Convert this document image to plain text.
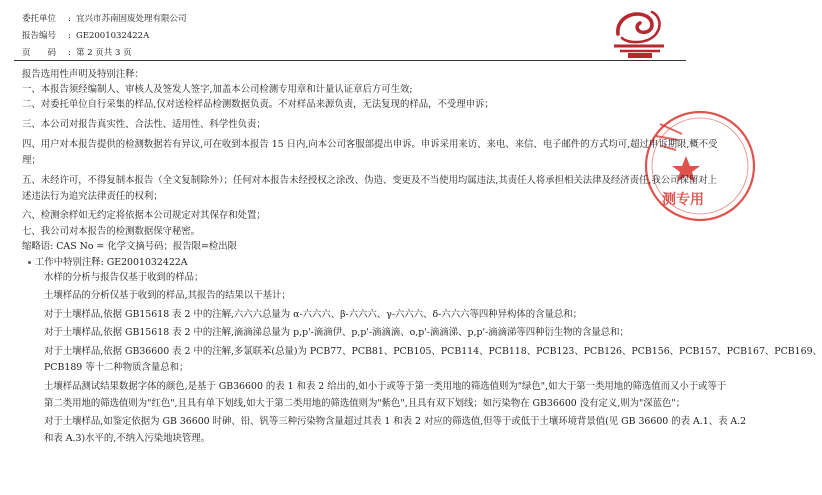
委托单位 : 宜兴市苏南固废处理有限公司
报告编号 : GE2001032422A
页　　码 : 第 2 页共 3 页
测专用
报告选用性声明及特别注释：
一、本报告须经编制人、审核人及签发人签字,加盖本公司检测专用章和计量认证章后方可生效;
二、对委托单位自行采集的样品,仅对送检样品检测数据负责。不对样品来源负责，无法复现的样品，不受理申诉；
三、本公司对报告真实性、合法性、适用性、科学性负责；
四、用户对本报告提供的检测数据若有异议,可在收到本报告 15 日内,向本公司客服部提出申诉。申诉采用来访、来电、来信、电子邮件的方式均可,超过申诉期限,概不受
理；
五、未经许可，不得复制本报告（全文复制除外）；任何对本报告未经授权之涂改、伪造、变更及不当使用均属违法,其责任人将承担相关法律及经济责任,我公司保留对上
述违法行为追究法律责任的权利；
六、检测余样如无约定将依据本公司规定对其保存和处置；
七、我公司对本报告的检测数据保守秘密。
缩略语: CAS No = 化学文摘号码；报告限=检出限
工作中特别注释: GE2001032422A
水样的分析与报告仅基于收到的样品；
土壤样品的分析仅基于收到的样品,其报告的结果以干基计；
对于土壤样品,依据 GB15618 表 2 中的注解,六六六总量为 α-六六六、β-六六六、γ-六六六、δ-六六六等四种异构体的含量总和；
对于土壤样品,依据 GB15618 表 2 中的注解,滴滴涕总量为 p,p'-滴滴伊、p,p'-滴滴滴、o,p'-滴滴涕、p,p'-滴滴涕等四种衍生物的含量总和；
对于土壤样品,依据 GB36600 表 2 中的注解,多氯联苯(总量)为 PCB77、PCB81、PCB105、PCB114、PCB118、PCB123、PCB126、PCB156、PCB157、PCB167、PCB169、
PCB189 等十二种物质含量总和；
土壤样品测试结果数据字体的颜色,是基于 GB36600 的表 1 和表 2 给出的,如小于或等于第一类用地的筛选值则为"绿色",如大于第一类用地的筛选值而又小于或等于
第二类用地的筛选值则为"红色",且具有单下划线,如大于第二类用地的筛选值则为"紫色",且具有双下划线；如污染物在 GB36600 没有定义,则为"深蓝色"；
对于土壤样品,如鉴定依据为 GB 36600 时砷、铅、钒等三种污染物含量超过其表 1 和表 2 对应的筛选值,但等于或低于土壤环境背景值(见 GB 36600 的表 A.1、表 A.2
和表 A.3)水平的,不纳入污染地块管理。
